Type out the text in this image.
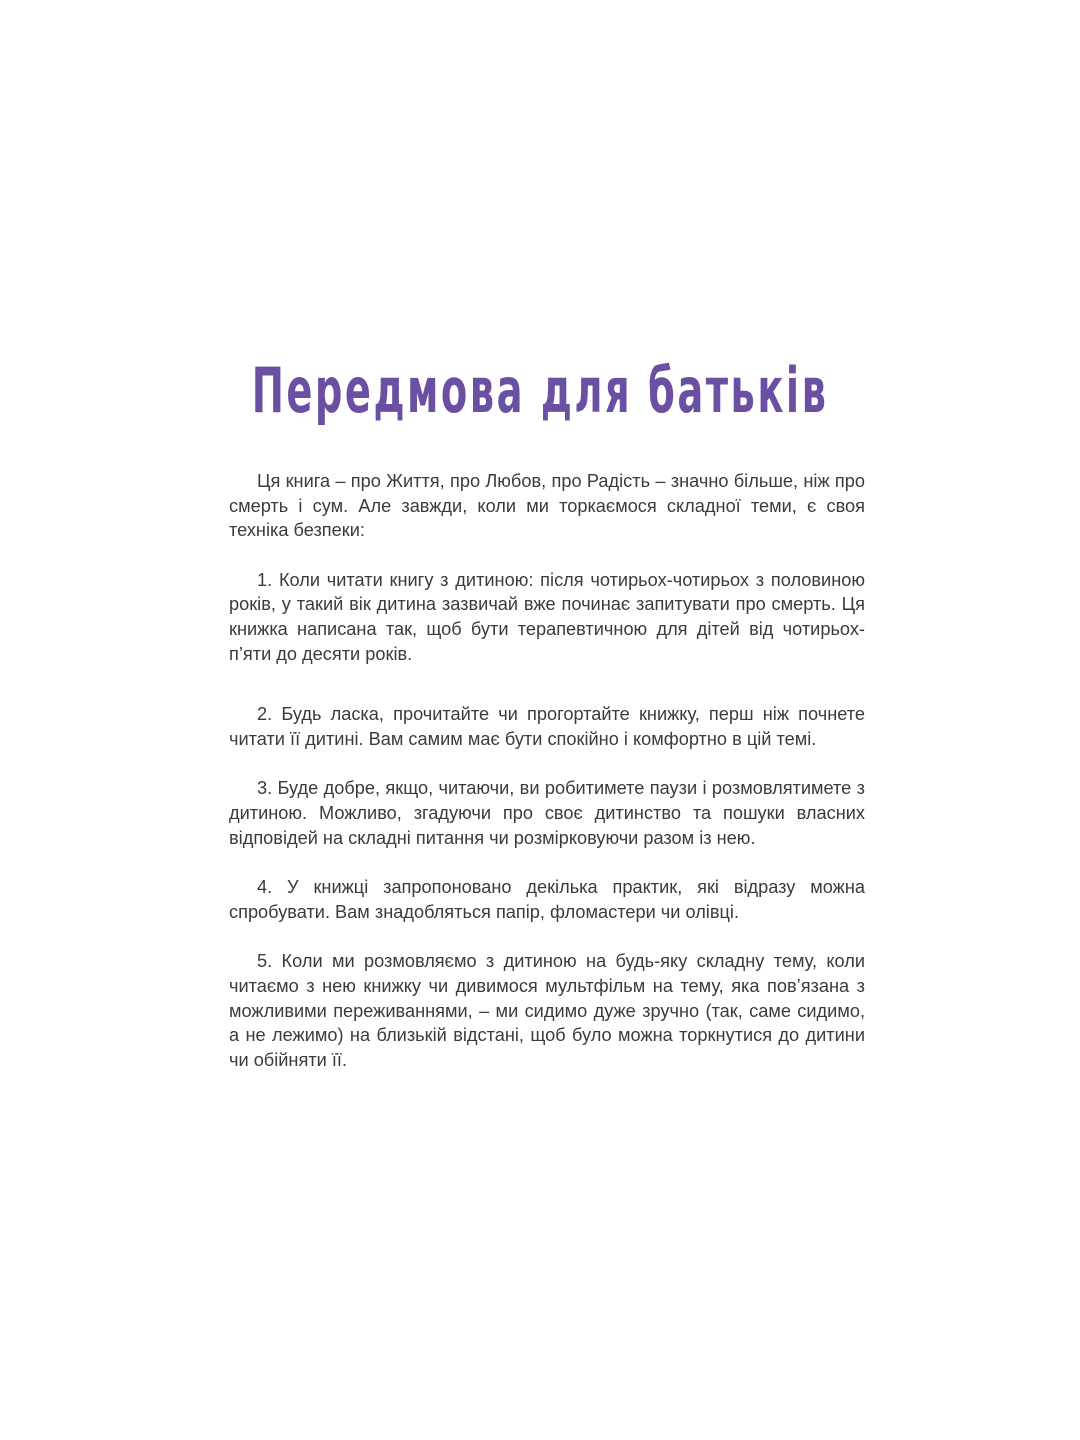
Передмова для батьків

Ця книга – про Життя, про Любов, про Радість – значно більше, ніж про смерть і сум. Але завжди, коли ми торкаємося складної теми, є своя техніка безпеки:

1. Коли читати книгу з дитиною: після чотирьох-чотирьох з половиною років, у такий вік дитина зазвичай вже починає запитувати про смерть. Ця книжка написана так, щоб бути терапевтичною для дітей від чотирьох-п’яти до десяти років.

2. Будь ласка, прочитайте чи прогортайте книжку, перш ніж почнете читати її дитині. Вам самим має бути спокійно і комфортно в цій темі.

3. Буде добре, якщо, читаючи, ви робитимете паузи і розмовлятимете з дитиною. Можливо, згадуючи про своє дитинство та пошуки власних відповідей на складні питання чи розмірковуючи разом із нею.

4. У книжці запропоновано декілька практик, які відразу можна спробувати. Вам знадобляться папір, фломастери чи олівці.

5. Коли ми розмовляємо з дитиною на будь-яку складну тему, коли читаємо з нею книжку чи дивимося мультфільм на тему, яка пов’язана з можливими переживаннями, – ми сидимо дуже зручно (так, саме сидимо, а не лежимо) на близькій відстані, щоб було можна торкнутися до дитини чи обійняти її.
